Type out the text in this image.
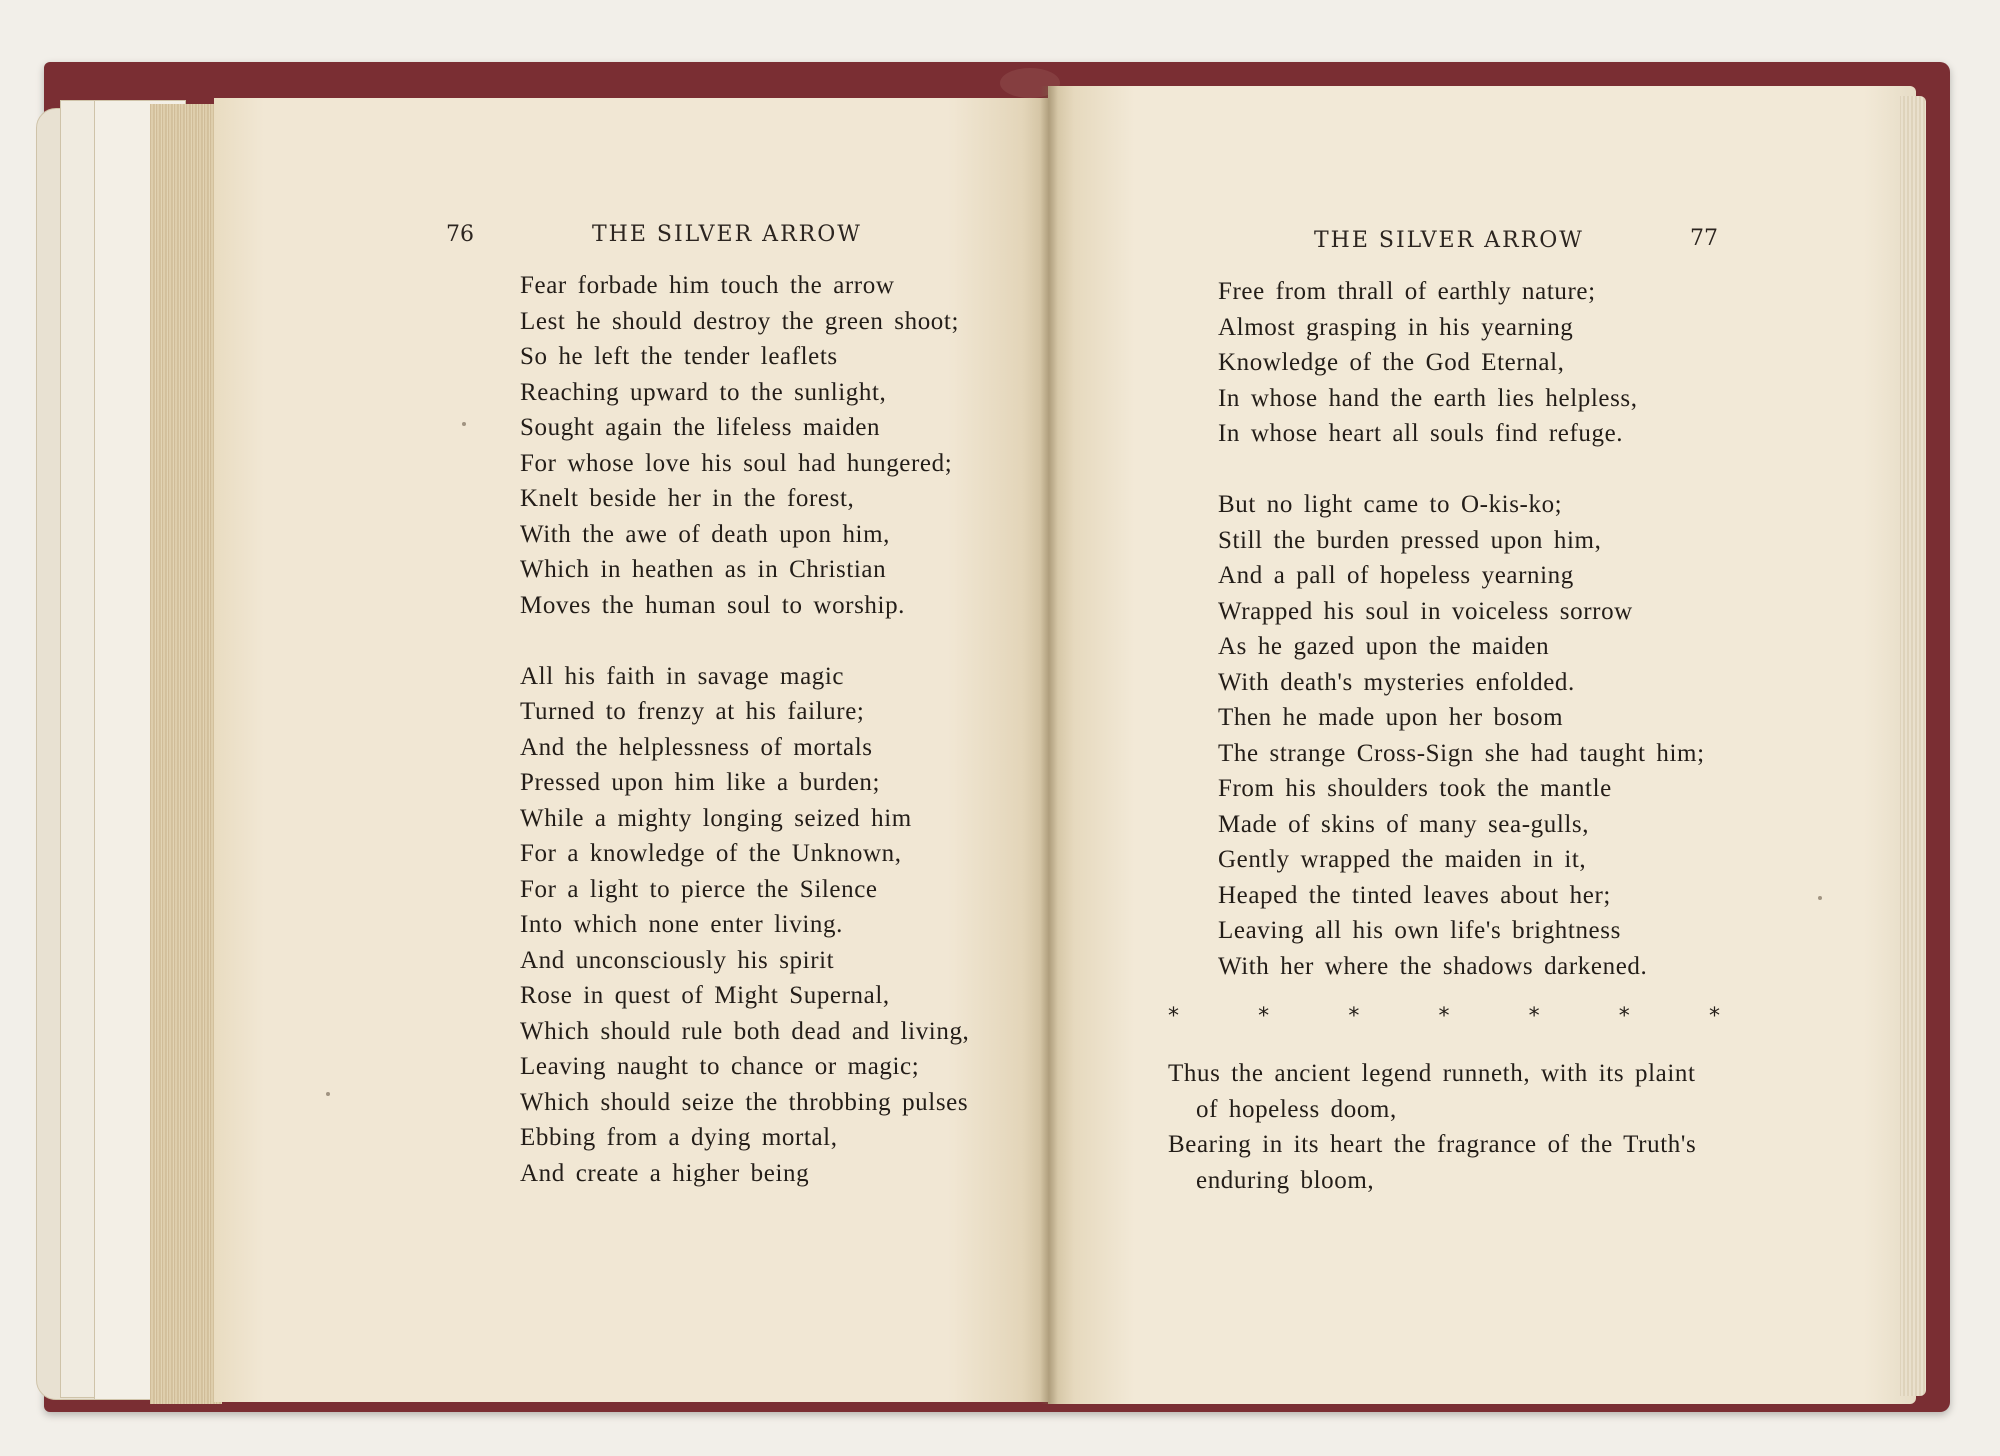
76	THE SILVER ARROW
Fear forbade him touch the arrow
Lest he should destroy the green shoot;
So he left the tender leaflets
Reaching upward to the sunlight,
Sought again the lifeless maiden
For whose love his soul had hungered;
Knelt beside her in the forest,
With the awe of death upon him,
Which in heathen as in Christian
Moves the human soul to worship.
All his faith in savage magic
Turned to frenzy at his failure;
And the helplessness of mortals
Pressed upon him like a burden;
While a mighty longing seized him
For a knowledge of the Unknown,
For a light to pierce the Silence
Into which none enter living.
And unconsciously his spirit
Rose in quest of Might Supernal,
Which should rule both dead and living,
Leaving naught to chance or magic;
Which should seize the throbbing pulses
Ebbing from a dying mortal,
And create a higher being
THE SILVER ARROW	77
Free from thrall of earthly nature;
Almost grasping in his yearning
Knowledge of the God Eternal,
In whose hand the earth lies helpless,
In whose heart all souls find refuge.
But no light came to O-kis-ko;
Still the burden pressed upon him,
And a pall of hopeless yearning
Wrapped his soul in voiceless sorrow
As he gazed upon the maiden
With death's mysteries enfolded.
Then he made upon her bosom
The strange Cross-Sign she had taught him;
From his shoulders took the mantle
Made of skins of many sea-gulls,
Gently wrapped the maiden in it,
Heaped the tinted leaves about her;
Leaving all his own life's brightness
With her where the shadows darkened.
*	*	*	*	*	*	*
Thus the ancient legend runneth, with its plaint
of hopeless doom,
Bearing in its heart the fragrance of the Truth's
enduring bloom,
